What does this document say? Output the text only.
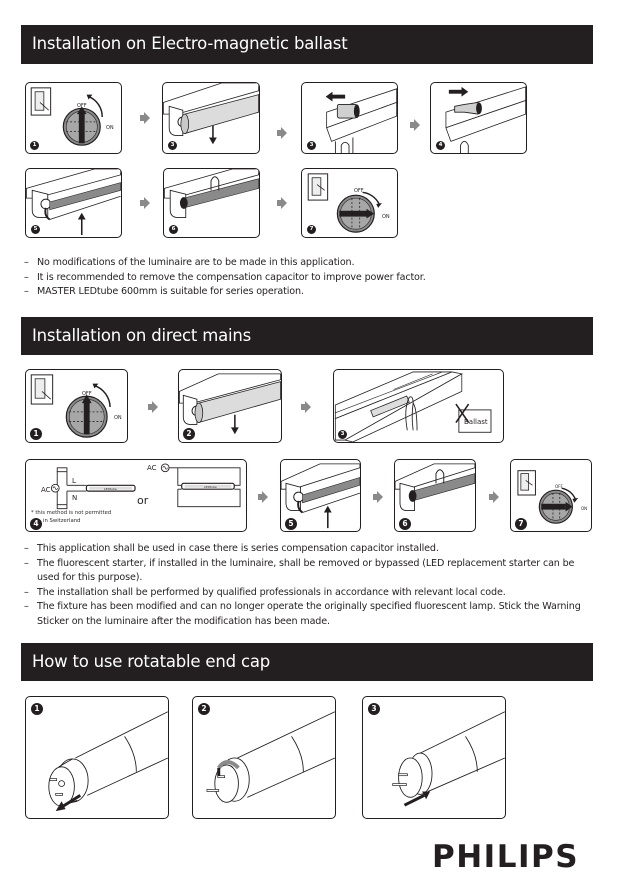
Installation on Electro-magnetic ballast
OFF
ON
1	3	3	4
5	6
OFF
ON
7
– No modifications of the luminaire are to be made in this application.
– It is recommended to remove the compensation capacitor to improve power factor.
– MASTER LEDtube 600mm is suitable for series operation.
Installation on direct mains
OFF
ON
1	2
Ballast
3
AC
L
N
LEDtube
or
AC
LEDtube
* this method is not permitted
in Switzerland
4	5	6
OFF
ON
7
– This application shall be used in case there is series compensation capacitor installed.
– The fluorescent starter, if installed in the luminaire, shall be removed or bypassed (LED replacement starter can be used for this purpose).
– The installation shall be performed by qualified professionals in accordance with relevant local code.
– The fixture has been modified and can no longer operate the originally specified fluorescent lamp. Stick the Warning Sticker on the luminaire after the modification has been made.
How to use rotatable end cap
1	2	3
PHILIPS
